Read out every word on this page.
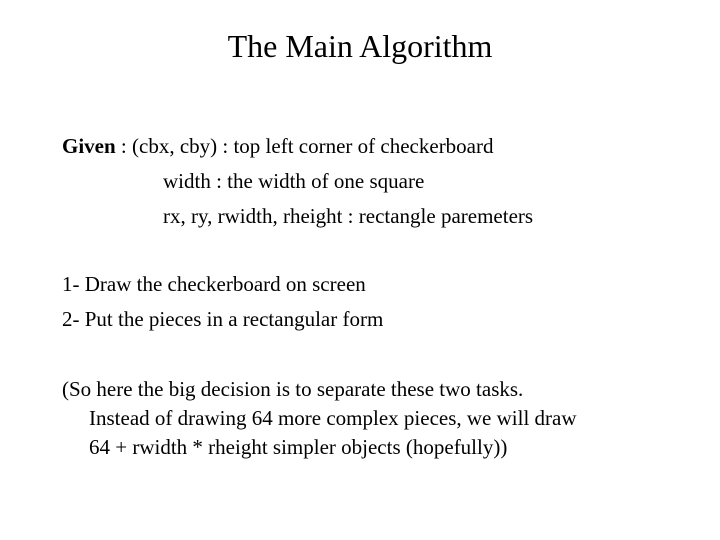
The Main Algorithm
Given : (cbx, cby) : top left corner of checkerboard
width : the width of one square
rx, ry, rwidth, rheight : rectangle paremeters
1- Draw the checkerboard on screen
2- Put the pieces in a rectangular form
(So here the big decision is to separate these two tasks.
Instead of drawing 64 more complex pieces, we will draw
64 + rwidth * rheight simpler objects (hopefully))
